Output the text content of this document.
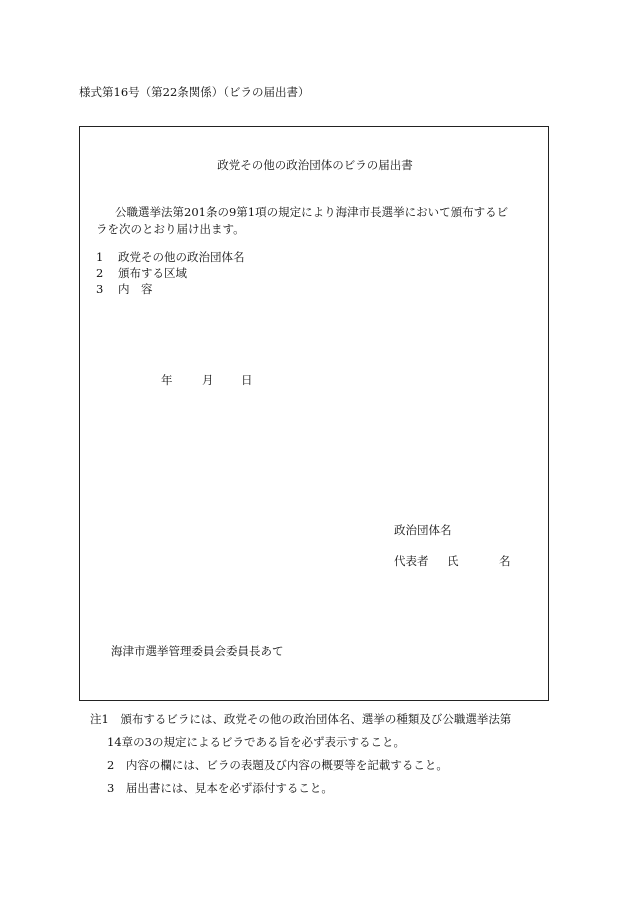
様式第16号（第22条関係）（ビラの届出書）
政党その他の政治団体のビラの届出書
公職選挙法第201条の9第1項の規定により海津市長選挙において頒布するビ
ラを次のとおり届け出ます。
1 政党その他の政治団体名
2 頒布する区域
3 内　容
年	月 日
政治団体名
代表者 氏	名
海津市選挙管理委員会委員長あて
注1　頒布するビラには、政党その他の政治団体名、選挙の種類及び公職選挙法第
14章の3の規定によるビラである旨を必ず表示すること。
2　内容の欄には、ビラの表題及び内容の概要等を記載すること。
3　届出書には、見本を必ず添付すること。
